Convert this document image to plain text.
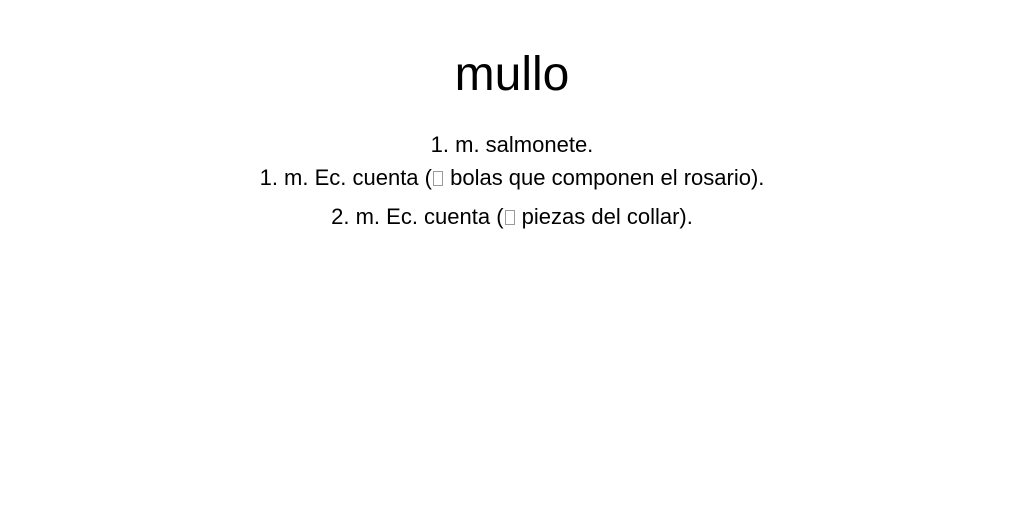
mullo

1. m. salmonete.

1. m. Ec. cuenta ( bolas que componen el rosario).

2. m. Ec. cuenta ( piezas del collar).
